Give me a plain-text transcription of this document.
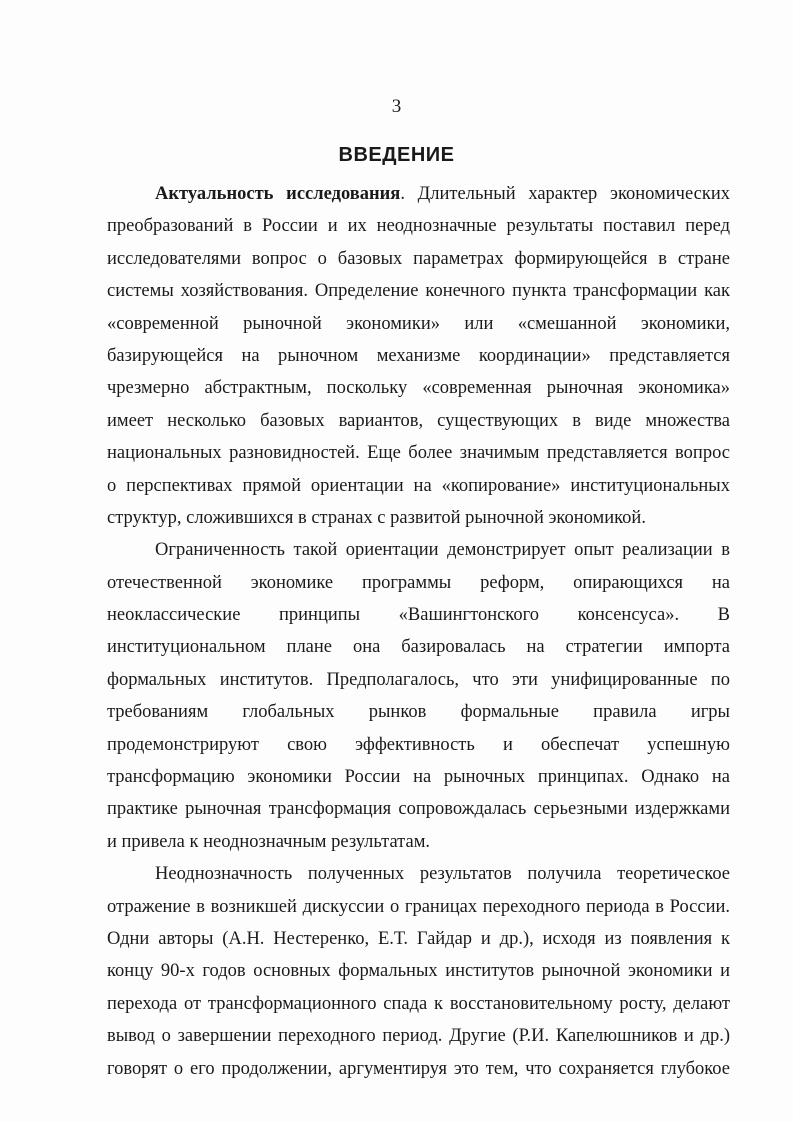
3
ВВЕДЕНИЕ
Актуальность исследования. Длительный характер экономических
преобразований в России и их неоднозначные результаты поставил перед
исследователями вопрос о базовых параметрах формирующейся в стране
системы хозяйствования. Определение конечного пункта трансформации как
«современной рыночной экономики» или «смешанной экономики,
базирующейся на рыночном механизме координации» представляется
чрезмерно абстрактным, поскольку «современная рыночная экономика»
имеет несколько базовых вариантов, существующих в виде множества
национальных разновидностей. Еще более значимым представляется вопрос
о перспективах прямой ориентации на «копирование» институциональных
структур, сложившихся в странах с развитой рыночной экономикой.
Ограниченность такой ориентации демонстрирует опыт реализации в
отечественной экономике программы реформ, опирающихся на
неоклассические принципы «Вашингтонского консенсуса». В
институциональном плане она базировалась на стратегии импорта
формальных институтов. Предполагалось, что эти унифицированные по
требованиям глобальных рынков формальные правила игры
продемонстрируют свою эффективность и обеспечат успешную
трансформацию экономики России на рыночных принципах. Однако на
практике рыночная трансформация сопровождалась серьезными издержками
и привела к неоднозначным результатам.
Неоднозначность полученных результатов получила теоретическое
отражение в возникшей дискуссии о границах переходного периода в России.
Одни авторы (А.Н. Нестеренко, Е.Т. Гайдар и др.), исходя из появления к
концу 90-х годов основных формальных институтов рыночной экономики и
перехода от трансформационного спада к восстановительному росту, делают
вывод о завершении переходного период. Другие (Р.И. Капелюшников и др.)
говорят о его продолжении, аргументируя это тем, что сохраняется глубокое
